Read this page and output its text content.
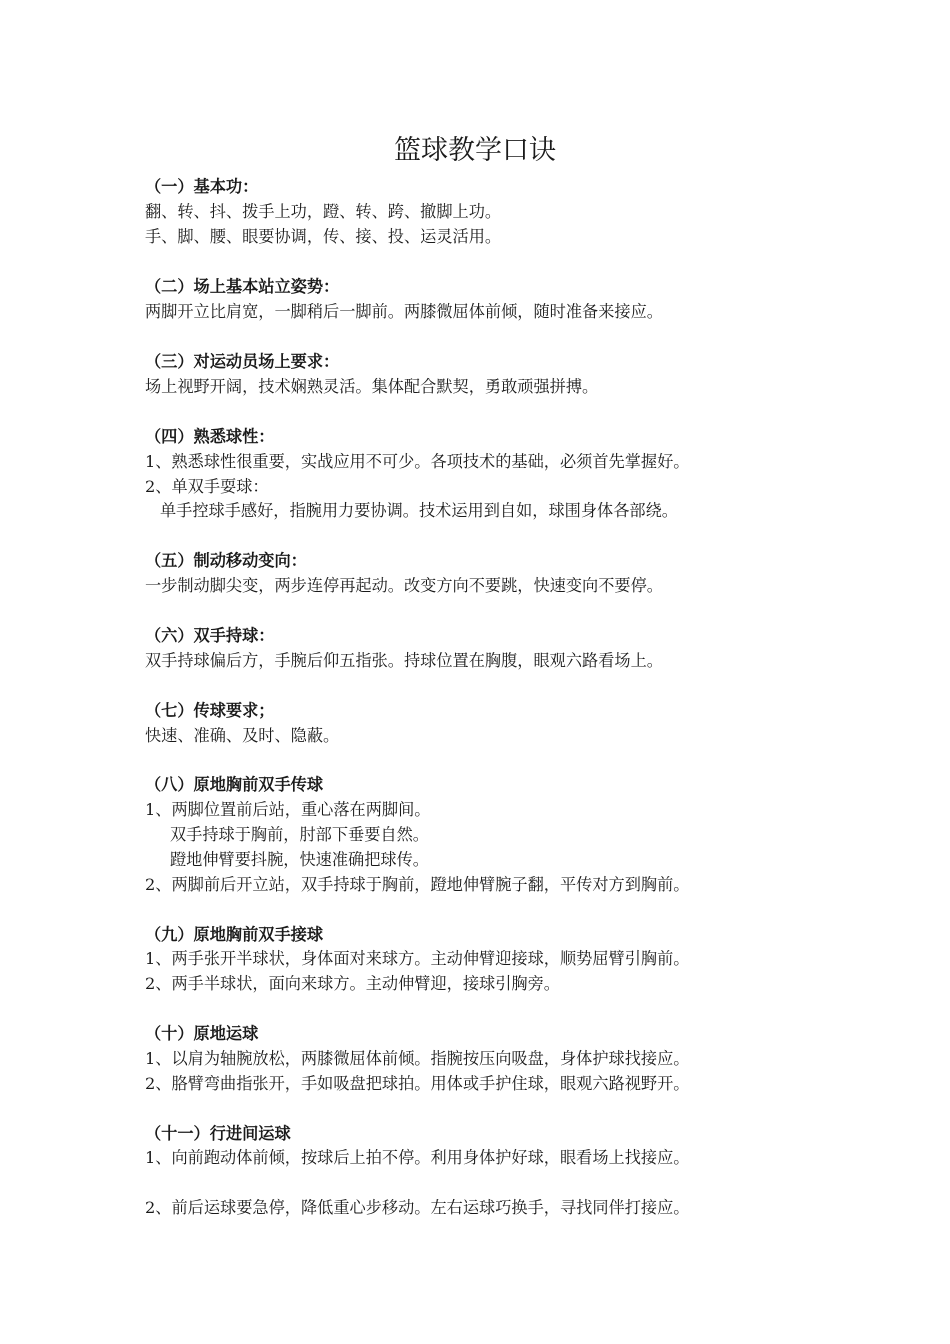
篮球教学口诀
（一）基本功：
翻、转、抖、拨手上功，蹬、转、跨、撤脚上功。
手、脚、腰、眼要协调，传、接、投、运灵活用。
（二）场上基本站立姿势：
两脚开立比肩宽，一脚稍后一脚前。两膝微屈体前倾，随时准备来接应。
（三）对运动员场上要求：
场上视野开阔，技术娴熟灵活。集体配合默契，勇敢顽强拼搏。
（四）熟悉球性：
1、熟悉球性很重要，实战应用不可少。各项技术的基础，必须首先掌握好。
2、单双手耍球：
单手控球手感好，指腕用力要协调。技术运用到自如，球围身体各部绕。
（五）制动移动变向：
一步制动脚尖变，两步连停再起动。改变方向不要跳，快速变向不要停。
（六）双手持球：
双手持球偏后方，手腕后仰五指张。持球位置在胸腹，眼观六路看场上。
（七）传球要求；
快速、准确、及时、隐蔽。
（八）原地胸前双手传球
1、两脚位置前后站，重心落在两脚间。
双手持球于胸前，肘部下垂要自然。
蹬地伸臂要抖腕，快速准确把球传。
2、两脚前后开立站，双手持球于胸前，蹬地伸臂腕子翻，平传对方到胸前。
（九）原地胸前双手接球
1、两手张开半球状，身体面对来球方。主动伸臂迎接球，顺势屈臂引胸前。
2、两手半球状，面向来球方。主动伸臂迎，接球引胸旁。
（十）原地运球
1、以肩为轴腕放松，两膝微屈体前倾。指腕按压向吸盘，身体护球找接应。
2、胳臂弯曲指张开，手如吸盘把球拍。用体或手护住球，眼观六路视野开。
（十一）行进间运球
1、向前跑动体前倾，按球后上拍不停。利用身体护好球，眼看场上找接应。
2、前后运球要急停，降低重心步移动。左右运球巧换手，寻找同伴打接应。
